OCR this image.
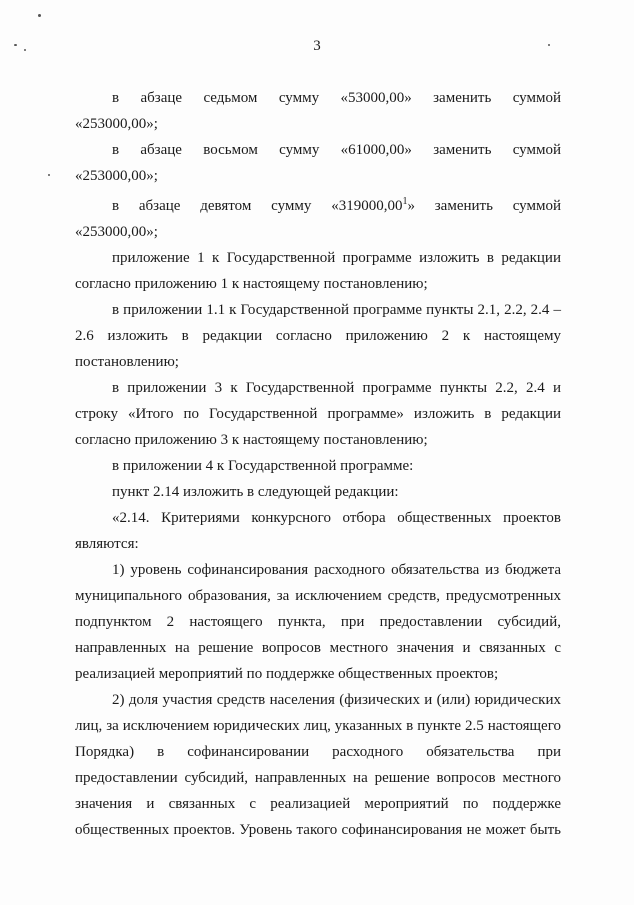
3

в абзаце седьмом сумму «53000,00» заменить суммой

«253000,00»;

в абзаце восьмом сумму «61000,00» заменить суммой

«253000,00»;

в абзаце девятом сумму «319000,00$^1$» заменить суммой

«253000,00»;

приложение 1 к Государственной программе изложить в редакции согласно приложению 1 к настоящему постановлению;

в приложении 1.1 к Государственной программе пункты 2.1, 2.2, 2.4 – 2.6 изложить в редакции согласно приложению 2 к настоящему постановлению;

в приложении 3 к Государственной программе пункты 2.2, 2.4 и строку «Итого по Государственной программе» изложить в редакции согласно приложению 3 к настоящему постановлению;

в приложении 4 к Государственной программе:

пункт 2.14 изложить в следующей редакции:

«2.14. Критериями конкурсного отбора общественных проектов являются:

1) уровень софинансирования расходного обязательства из бюджета муниципального образования, за исключением средств, предусмотренных подпунктом 2 настоящего пункта, при предоставлении субсидий, направленных на решение вопросов местного значения и связанных с реализацией мероприятий по поддержке общественных проектов;

2) доля участия средств населения (физических и (или) юридических лиц, за исключением юридических лиц, указанных в пункте 2.5 настоящего Порядка) в софинансировании расходного обязательства при предоставлении субсидий, направленных на решение вопросов местного значения и связанных с реализацией мероприятий по поддержке общественных проектов. Уровень такого софинансирования не может быть
